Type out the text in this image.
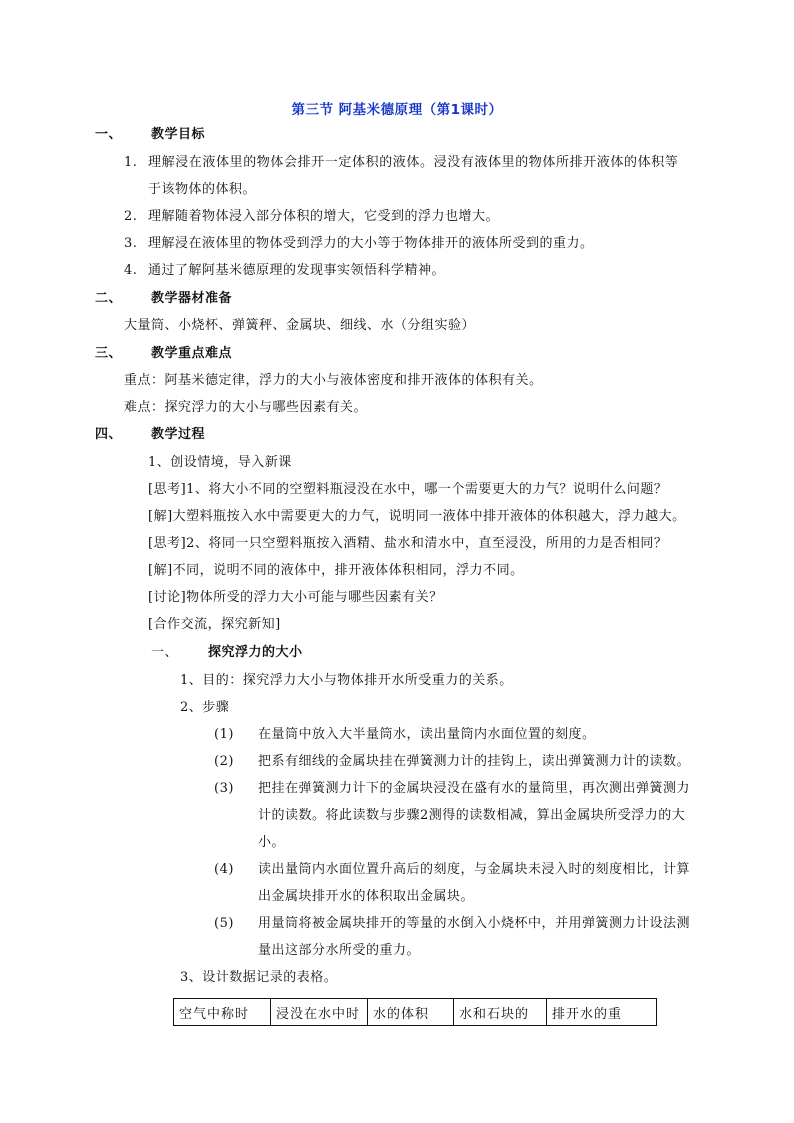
第三节 阿基米德原理（第1课时）
一、 教学目标
1. 理解浸在液体里的物体会排开一定体积的液体。浸没有液体里的物体所排开液体的体积等
于该物体的体积。
2. 理解随着物体浸入部分体积的增大，它受到的浮力也增大。
3. 理解浸在液体里的物体受到浮力的大小等于物体排开的液体所受到的重力。
4. 通过了解阿基米德原理的发现事实领悟科学精神。
二、 教学器材准备
大量筒、小烧杯、弹簧秤、金属块、细线、水（分组实验）
三、 教学重点难点
重点：阿基米德定律，浮力的大小与液体密度和排开液体的体积有关。
难点：探究浮力的大小与哪些因素有关。
四、 教学过程
1、创设情境，导入新课
[思考]1、将大小不同的空塑料瓶浸没在水中，哪一个需要更大的力气？说明什么问题？
[解]大塑料瓶按入水中需要更大的力气，说明同一液体中排开液体的体积越大，浮力越大。
[思考]2、将同一只空塑料瓶按入酒精、盐水和清水中，直至浸没，所用的力是否相同？
[解]不同，说明不同的液体中，排开液体体积相同，浮力不同。
[讨论]物体所受的浮力大小可能与哪些因素有关？
[合作交流，探究新知]
一、 探究浮力的大小
1、目的：探究浮力大小与物体排开水所受重力的关系。
2、步骤
(1) 在量筒中放入大半量筒水，读出量筒内水面位置的刻度。
(2) 把系有细线的金属块挂在弹簧测力计的挂钩上，读出弹簧测力计的读数。
(3) 把挂在弹簧测力计下的金属块浸没在盛有水的量筒里，再次测出弹簧测力
计的读数。将此读数与步骤2测得的读数相减，算出金属块所受浮力的大
小。
(4) 读出量筒内水面位置升高后的刻度，与金属块未浸入时的刻度相比，计算
出金属块排开水的体积取出金属块。
(5) 用量筒将被金属块排开的等量的水倒入小烧杯中，并用弹簧测力计设法测
量出这部分水所受的重力。
3、设计数据记录的表格。
空气中称时	浸没在水中时	水的体积	水和石块的	排开水的重
